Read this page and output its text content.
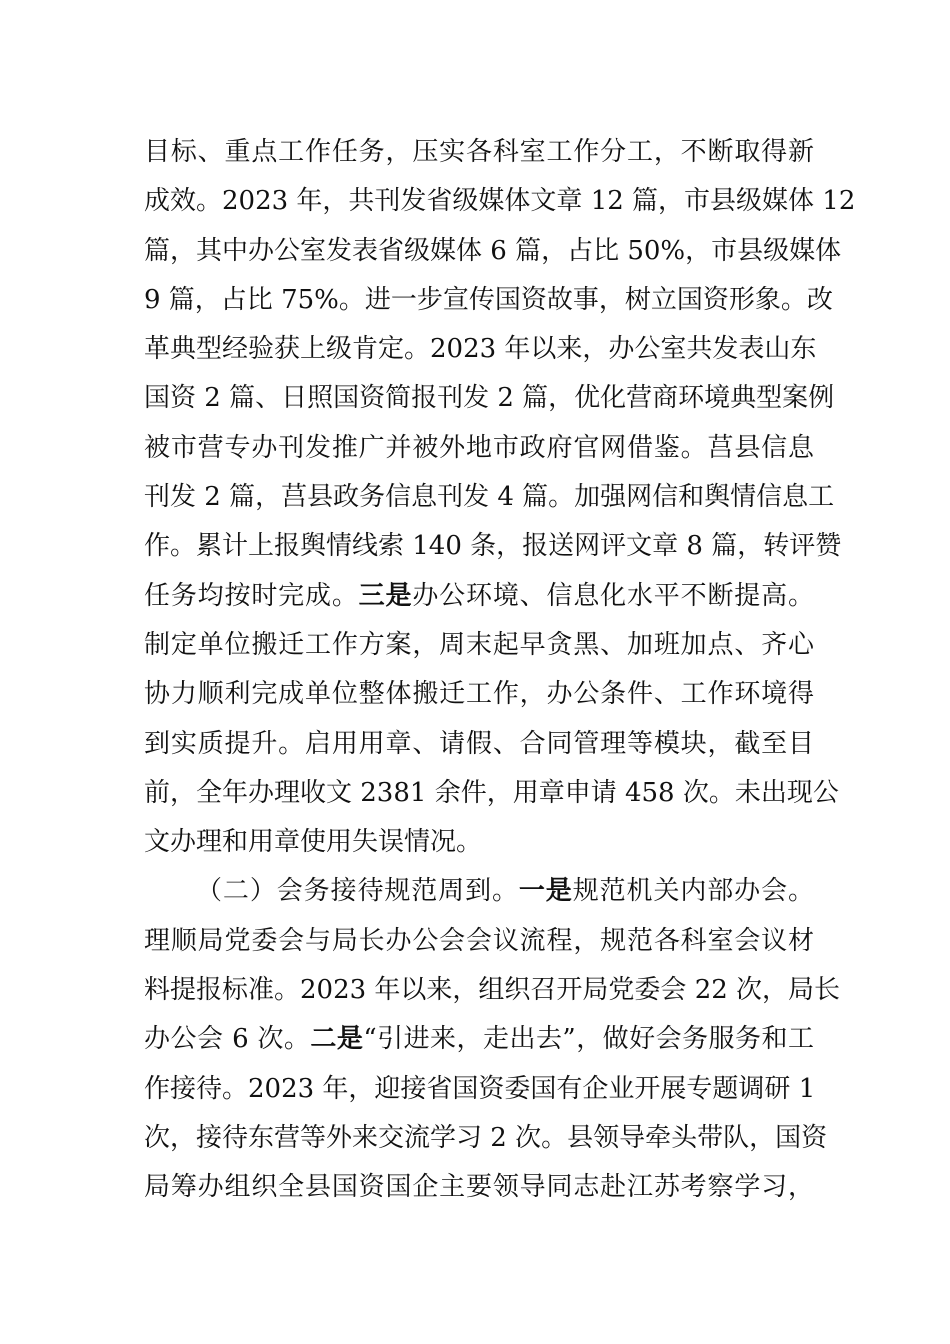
目标、重点工作任务，压实各科室工作分工，不断取得新
成效。2023 年，共刊发省级媒体文章 12 篇，市县级媒体 12
篇，其中办公室发表省级媒体 6 篇，占比 50%，市县级媒体
9 篇，占比 75%。进一步宣传国资故事，树立国资形象。改
革典型经验获上级肯定。2023 年以来，办公室共发表山东
国资 2 篇、日照国资简报刊发 2 篇，优化营商环境典型案例
被市营专办刊发推广并被外地市政府官网借鉴。莒县信息
刊发 2 篇，莒县政务信息刊发 4 篇。加强网信和舆情信息工
作。累计上报舆情线索 140 条，报送网评文章 8 篇，转评赞
任务均按时完成。三是办公环境、信息化水平不断提高。
制定单位搬迁工作方案，周末起早贪黑、加班加点、齐心
协力顺利完成单位整体搬迁工作，办公条件、工作环境得
到实质提升。启用用章、请假、合同管理等模块，截至目
前，全年办理收文 2381 余件，用章申请 458 次。未出现公
文办理和用章使用失误情况。
（二）会务接待规范周到。一是规范机关内部办会。
理顺局党委会与局长办公会会议流程，规范各科室会议材
料提报标准。2023 年以来，组织召开局党委会 22 次，局长
办公会 6 次。二是“引进来，走出去”，做好会务服务和工
作接待。2023 年，迎接省国资委国有企业开展专题调研 1
次，接待东营等外来交流学习 2 次。县领导牵头带队，国资
局筹办组织全县国资国企主要领导同志赴江苏考察学习，
